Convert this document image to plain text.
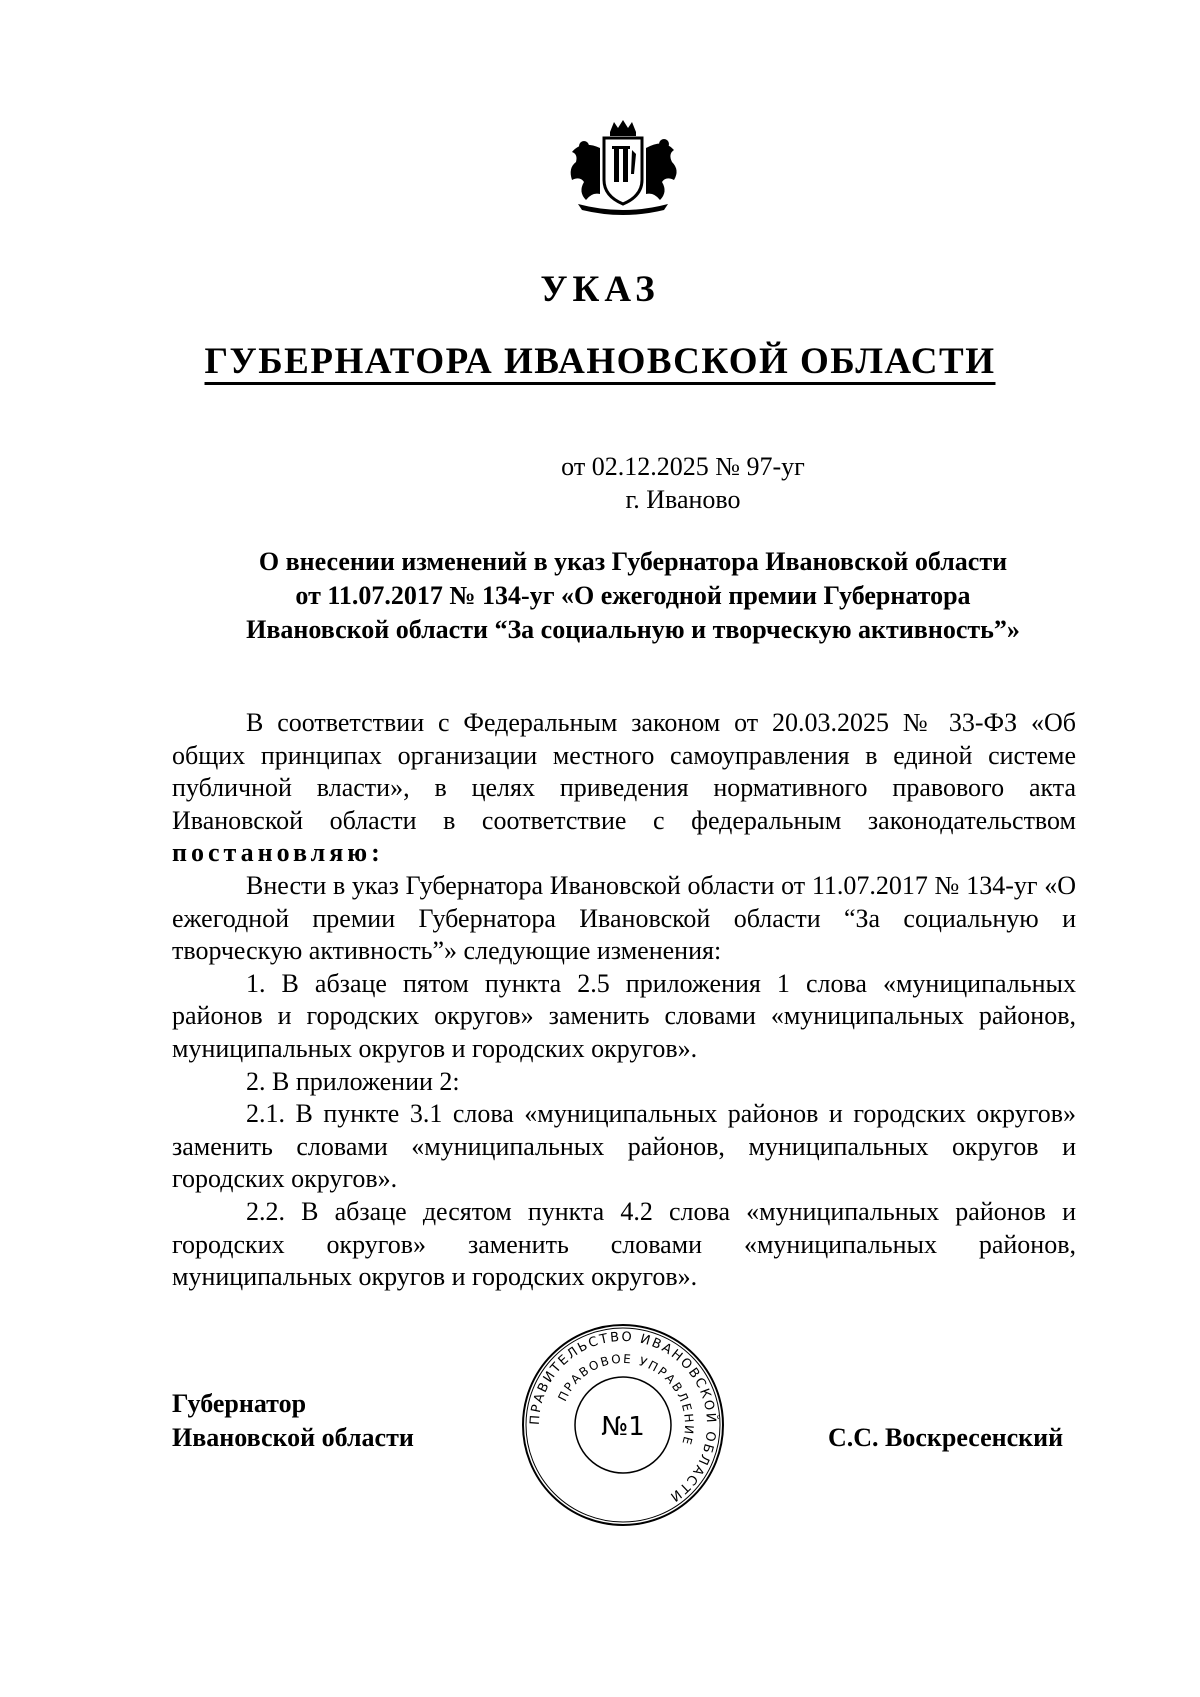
УКАЗ
ГУБЕРНАТОРА ИВАНОВСКОЙ ОБЛАСТИ
от 02.12.2025 № 97-уг
г. Иваново
О внесении изменений в указ Губернатора Ивановской области
от 11.07.2017 № 134-уг «О ежегодной премии Губернатора
Ивановской области “За социальную и творческую активность”»

В соответствии с Федеральным законом от 20.03.2025 № 33-ФЗ «Об общих принципах организации местного самоуправления в единой системе публичной власти», в целях приведения нормативного правового акта Ивановской области в соответствие с федеральным законодательством постановляю:

Внести в указ Губернатора Ивановской области от 11.07.2017 № 134-уг «О ежегодной премии Губернатора Ивановской области “За социальную и творческую активность”» следующие изменения:

1. В абзаце пятом пункта 2.5 приложения 1 слова «муниципальных районов и городских округов» заменить словами «муниципальных районов, муниципальных округов и городских округов».

2. В приложении 2:

2.1. В пункте 3.1 слова «муниципальных районов и городских округов» заменить словами «муниципальных районов, муниципальных округов и городских округов».

2.2. В абзаце десятом пункта 4.2 слова «муниципальных районов и городских округов» заменить словами «муниципальных районов, муниципальных округов и городских округов».

Губернатор
Ивановской области
ПРАВИТЕЛЬСТВО ИВАНОВСКОЙ ОБЛАСТИ
ПРАВОВОЕ УПРАВЛЕНИЕ
№1	С.С. Воскресенский
